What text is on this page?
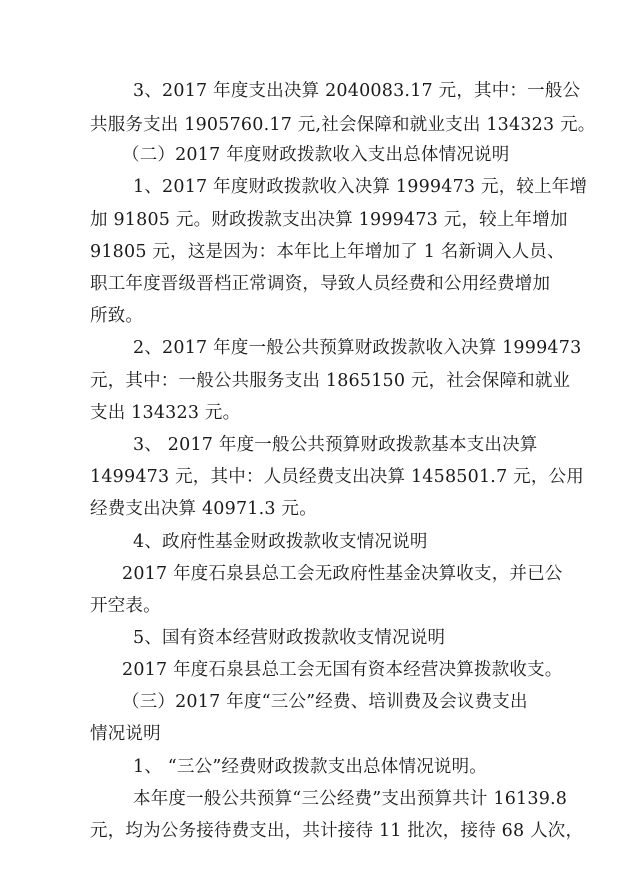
3、2017 年度支出决算 2040083.17 元，其中：一般公
共服务支出 1905760.17 元,社会保障和就业支出 134323 元。
（二）2017 年度财政拨款收入支出总体情况说明
1、2017 年度财政拨款收入决算 1999473 元，较上年增
加 91805 元。财政拨款支出决算 1999473 元，较上年增加
91805 元，这是因为：本年比上年增加了 1 名新调入人员、
职工年度晋级晋档正常调资，导致人员经费和公用经费增加
所致。
2、2017 年度一般公共预算财政拨款收入决算 1999473
元，其中：一般公共服务支出 1865150 元，社会保障和就业
支出 134323 元。
3、 2017 年度一般公共预算财政拨款基本支出决算
1499473 元，其中：人员经费支出决算 1458501.7 元，公用
经费支出决算 40971.3 元。
4、政府性基金财政拨款收支情况说明
2017 年度石泉县总工会无政府性基金决算收支，并已公
开空表。
5、国有资本经营财政拨款收支情况说明
2017 年度石泉县总工会无国有资本经营决算拨款收支。
（三）2017 年度“三公”经费、培训费及会议费支出
情况说明
1、 “三公”经费财政拨款支出总体情况说明。
本年度一般公共预算“三公经费”支出预算共计 16139.8
元，均为公务接待费支出，共计接待 11 批次，接待 68 人次，
